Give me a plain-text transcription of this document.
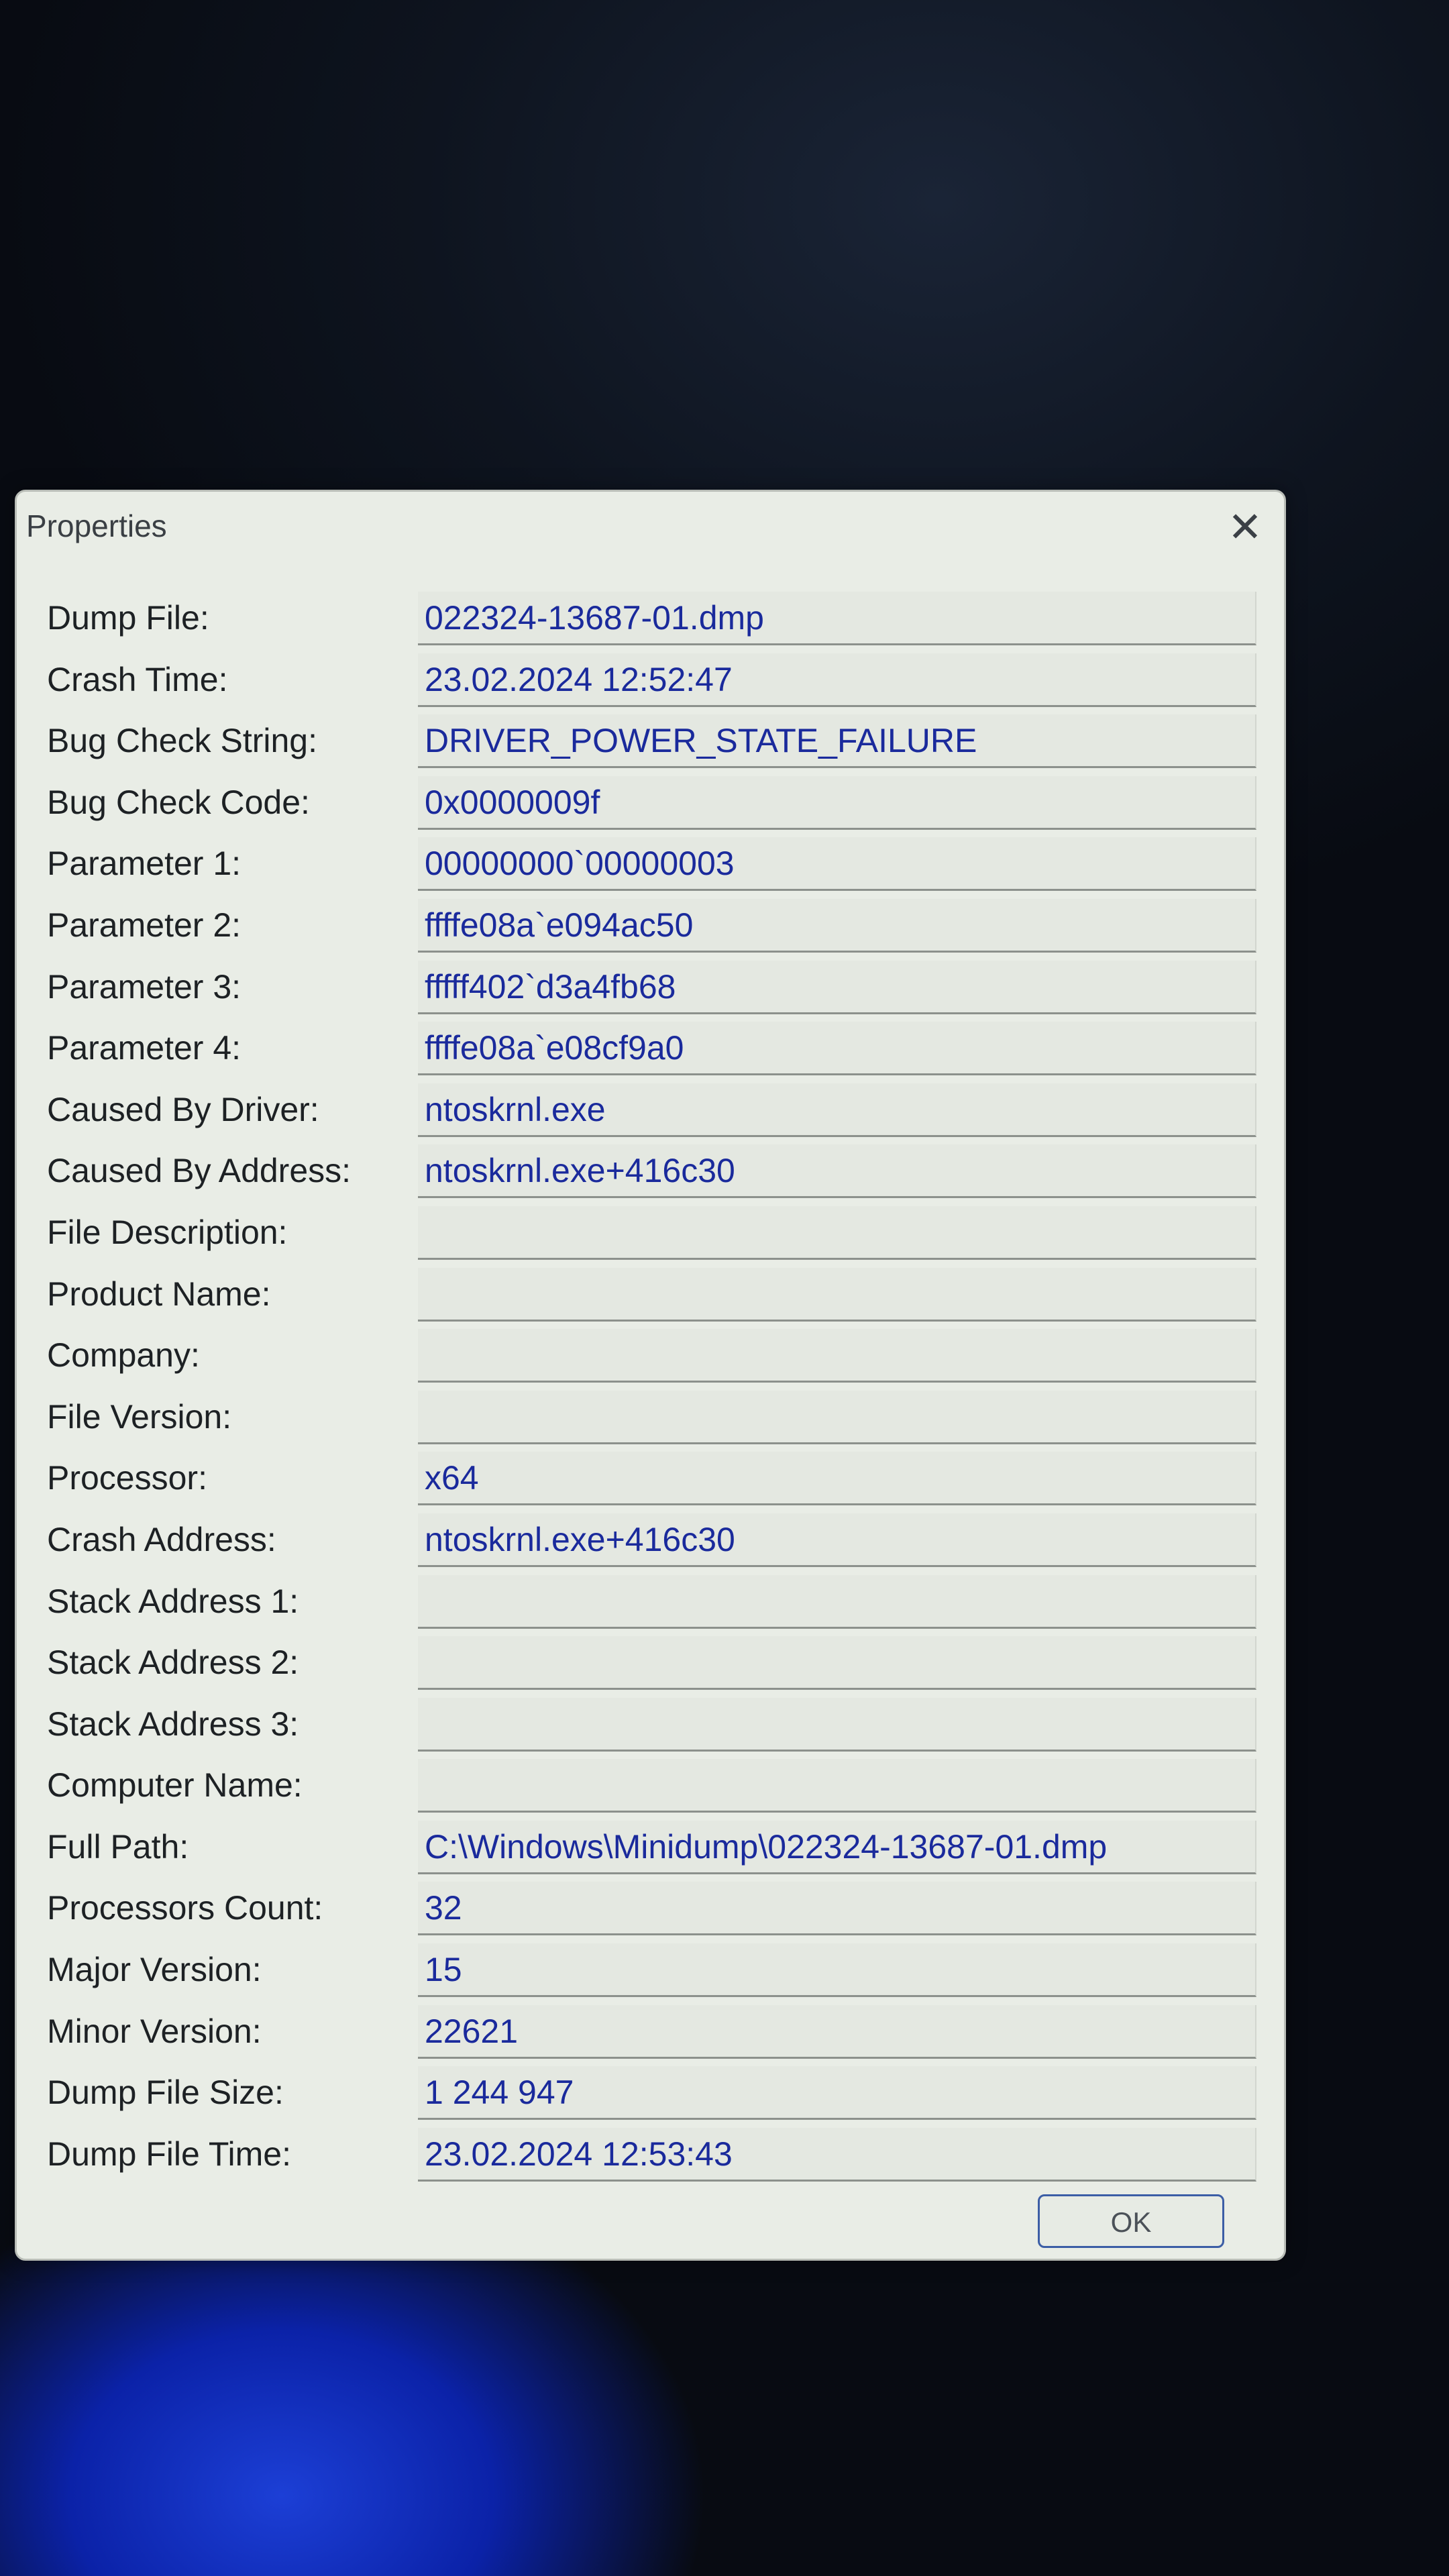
Properties	✕
Dump File:	022324-13687-01.dmp
Crash Time:	23.02.2024 12:52:47
Bug Check String:	DRIVER_POWER_STATE_FAILURE
Bug Check Code:	0x0000009f
Parameter 1:	00000000`00000003
Parameter 2:	ffffe08a`e094ac50
Parameter 3:	fffff402`d3a4fb68
Parameter 4:	ffffe08a`e08cf9a0
Caused By Driver:	ntoskrnl.exe
Caused By Address: ntoskrnl.exe+416c30
File Description:
Product Name:
Company:
File Version:
Processor:	x64
Crash Address:	ntoskrnl.exe+416c30
Stack Address 1:
Stack Address 2:
Stack Address 3:
Computer Name:
Full Path:	C:\Windows\Minidump\022324-13687-01.dmp
Processors Count:	32
Major Version:	15
Minor Version:	22621
Dump File Size:	1 244 947
Dump File Time:	23.02.2024 12:53:43
OK
